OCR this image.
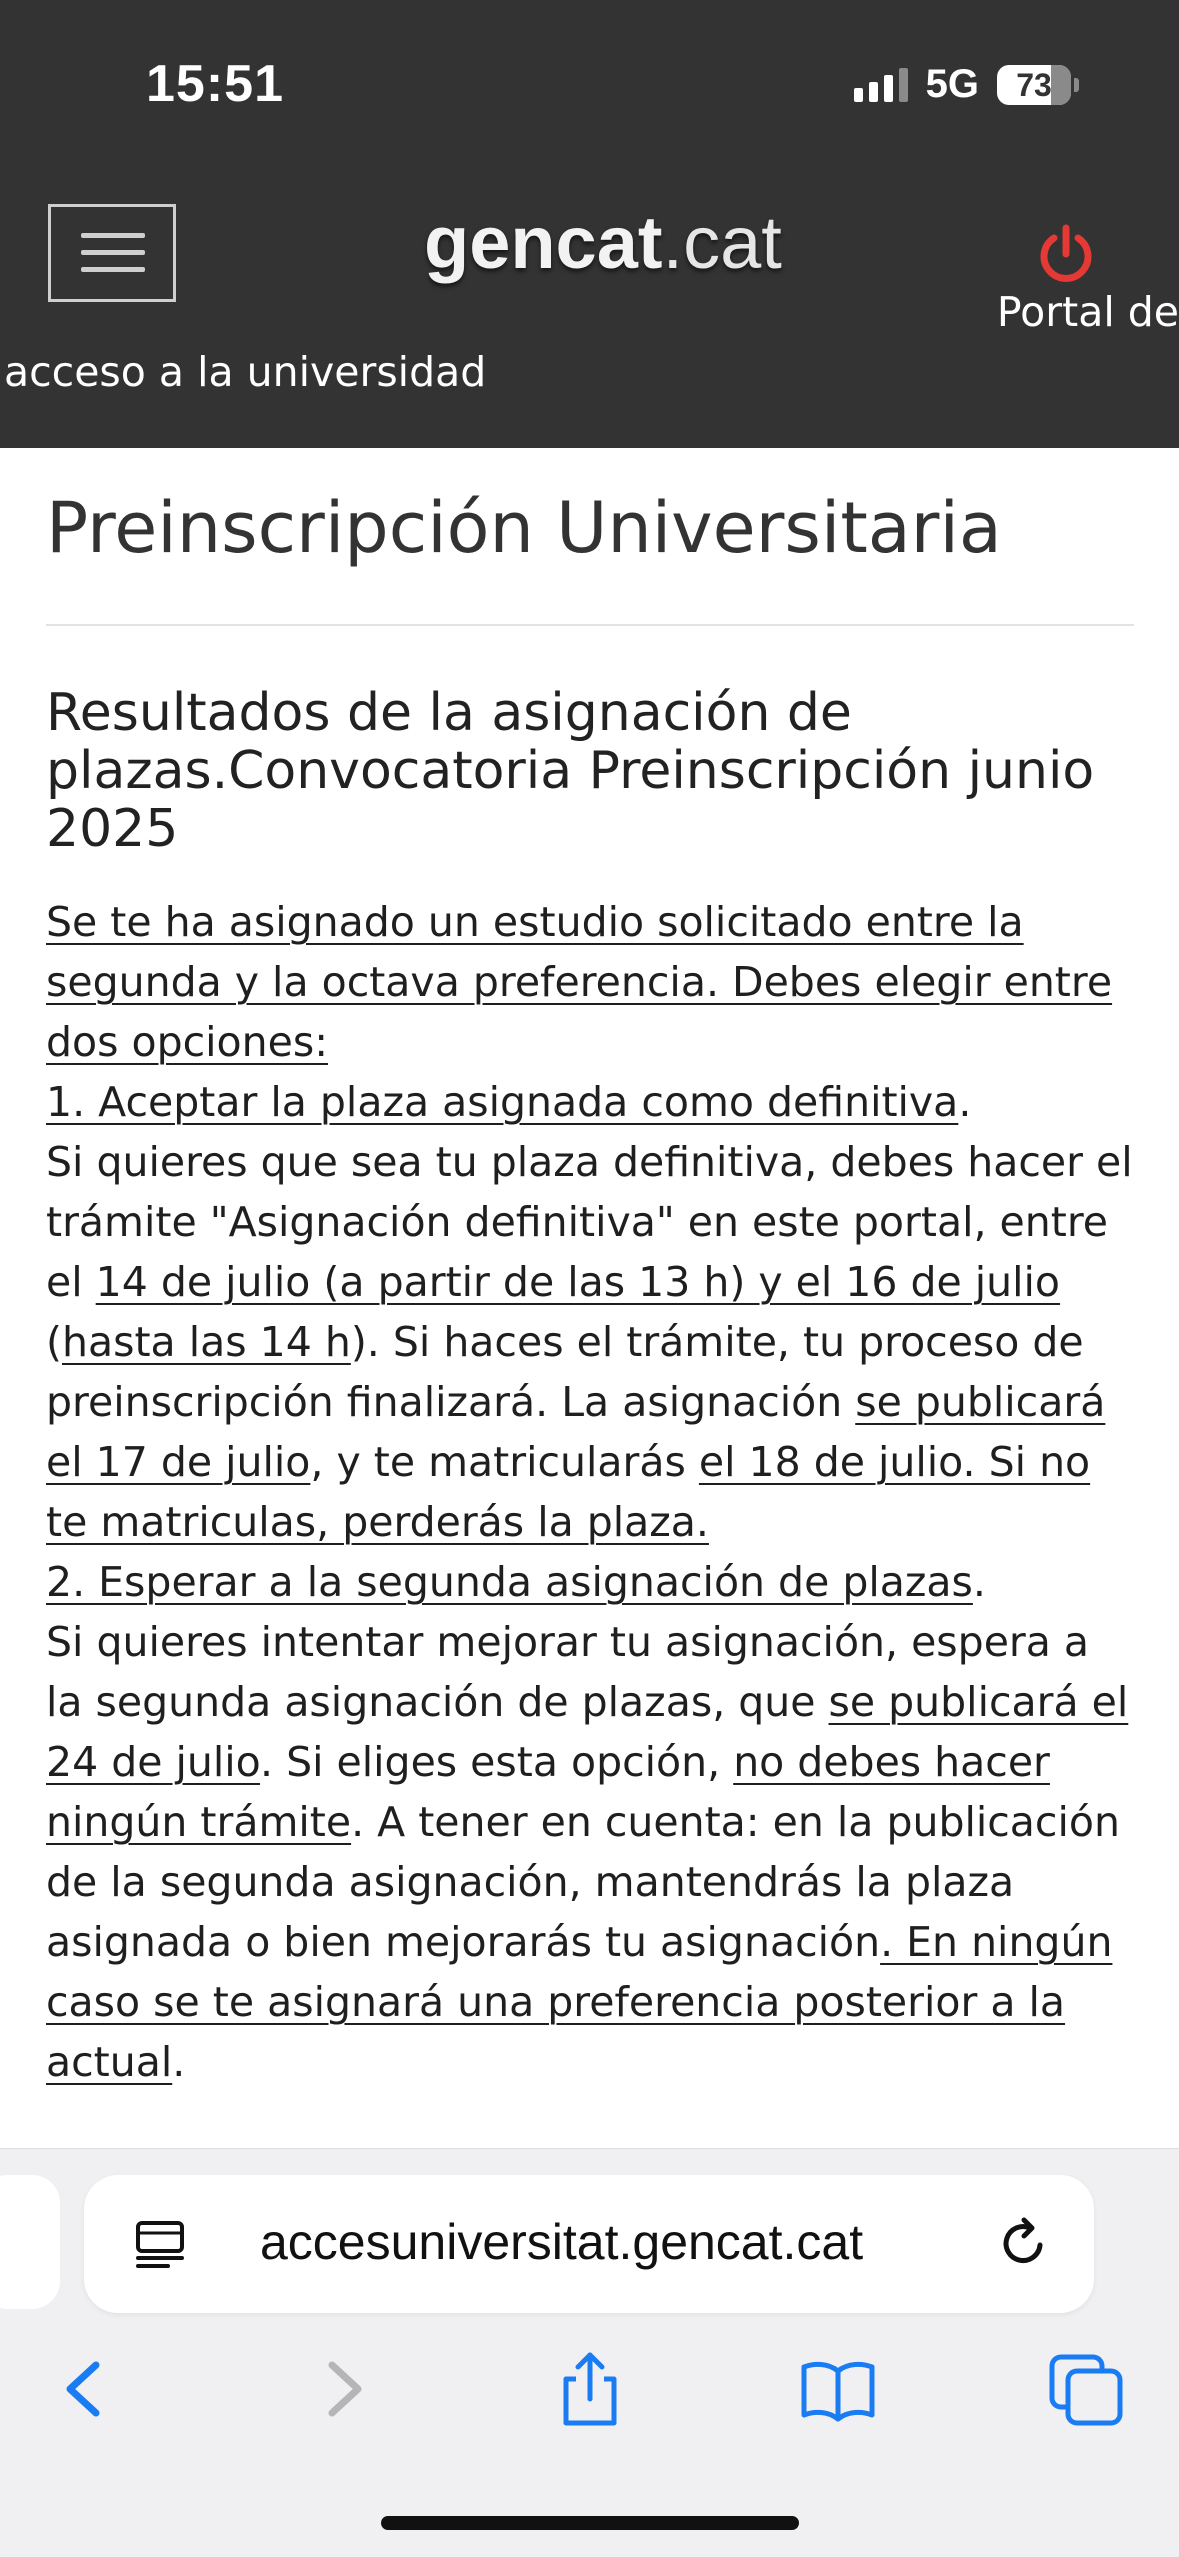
15:51	5G	73
gencat.cat
Portal de
acceso a la universidad
Preinscripción Universitaria
Resultados de la asignación de plazas.Convocatoria Preinscripción junio 2025
Se te ha asignado un estudio solicitado entre la segunda y la octava preferencia. Debes elegir entre dos opciones:
1. Aceptar la plaza asignada como definitiva.
Si quieres que sea tu plaza definitiva, debes hacer el trámite "Asignación definitiva" en este portal, entre el 14 de julio (a partir de las 13 h) y el 16 de julio (hasta las 14 h). Si haces el trámite, tu proceso de preinscripción finalizará. La asignación se publicará el 17 de julio, y te matricularás el 18 de julio. Si no te matriculas, perderás la plaza.
2. Esperar a la segunda asignación de plazas.
Si quieres intentar mejorar tu asignación, espera a la segunda asignación de plazas, que se publicará el 24 de julio. Si eliges esta opción, no debes hacer ningún trámite. A tener en cuenta: en la publicación de la segunda asignación, mantendrás la plaza asignada o bien mejorarás tu asignación. En ningún caso se te asignará una preferencia posterior a la actual.
accesuniversitat.gencat.cat
